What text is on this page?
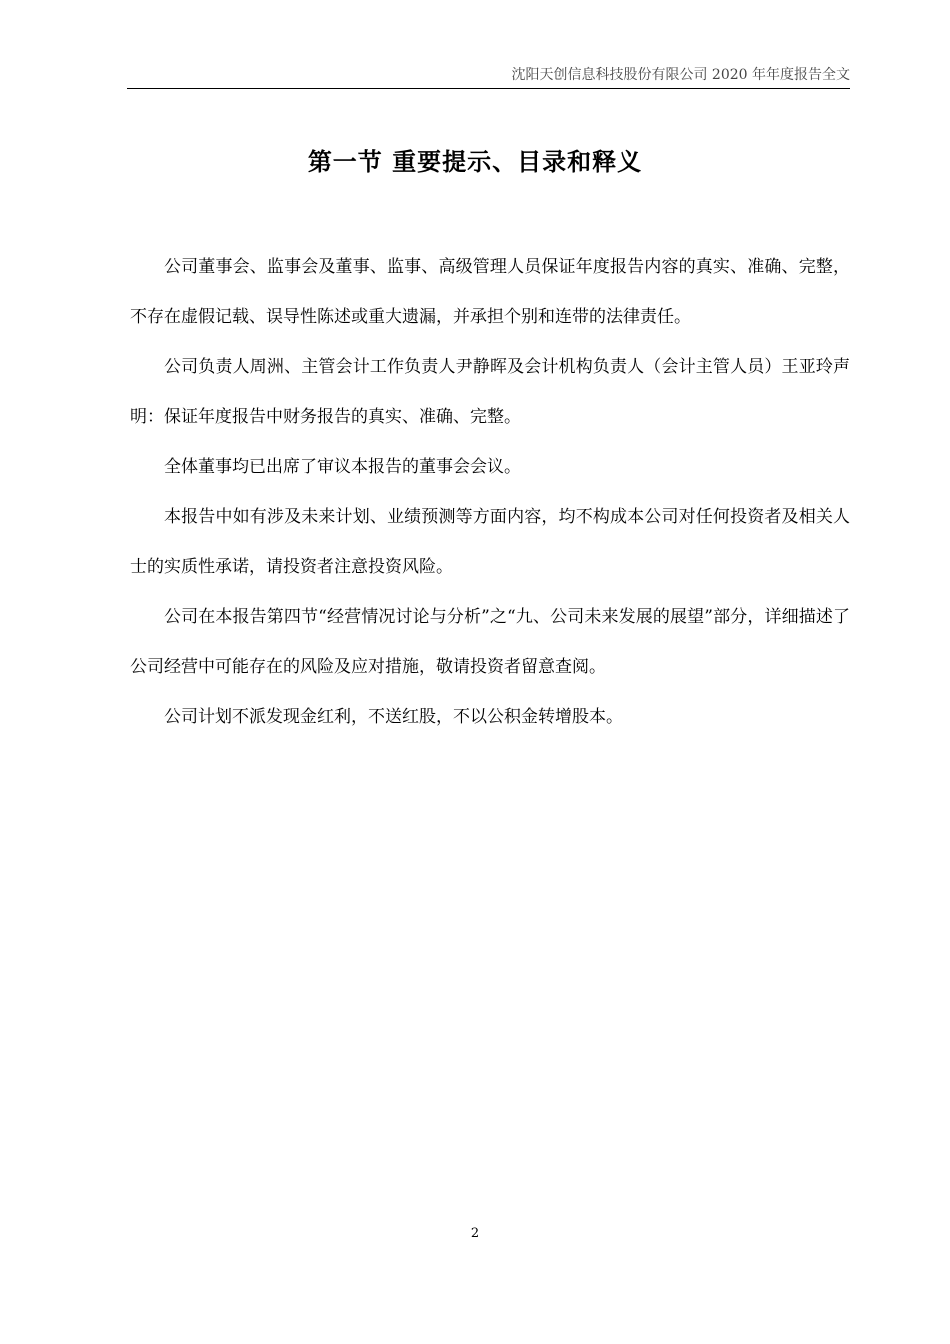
沈阳天创信息科技股份有限公司 2020 年年度报告全文
第一节 重要提示、目录和释义

公司董事会、监事会及董事、监事、高级管理人员保证年度报告内容的真实、准确、完整，不存在虚假记载、误导性陈述或重大遗漏，并承担个别和连带的法律责任。

公司负责人周洲、主管会计工作负责人尹静晖及会计机构负责人（会计主管人员）王亚玲声明：保证年度报告中财务报告的真实、准确、完整。

全体董事均已出席了审议本报告的董事会会议。

本报告中如有涉及未来计划、业绩预测等方面内容，均不构成本公司对任何投资者及相关人士的实质性承诺，请投资者注意投资风险。

公司在本报告第四节“经营情况讨论与分析”之“九、公司未来发展的展望”部分，详细描述了公司经营中可能存在的风险及应对措施，敬请投资者留意查阅。

公司计划不派发现金红利，不送红股，不以公积金转增股本。

2
